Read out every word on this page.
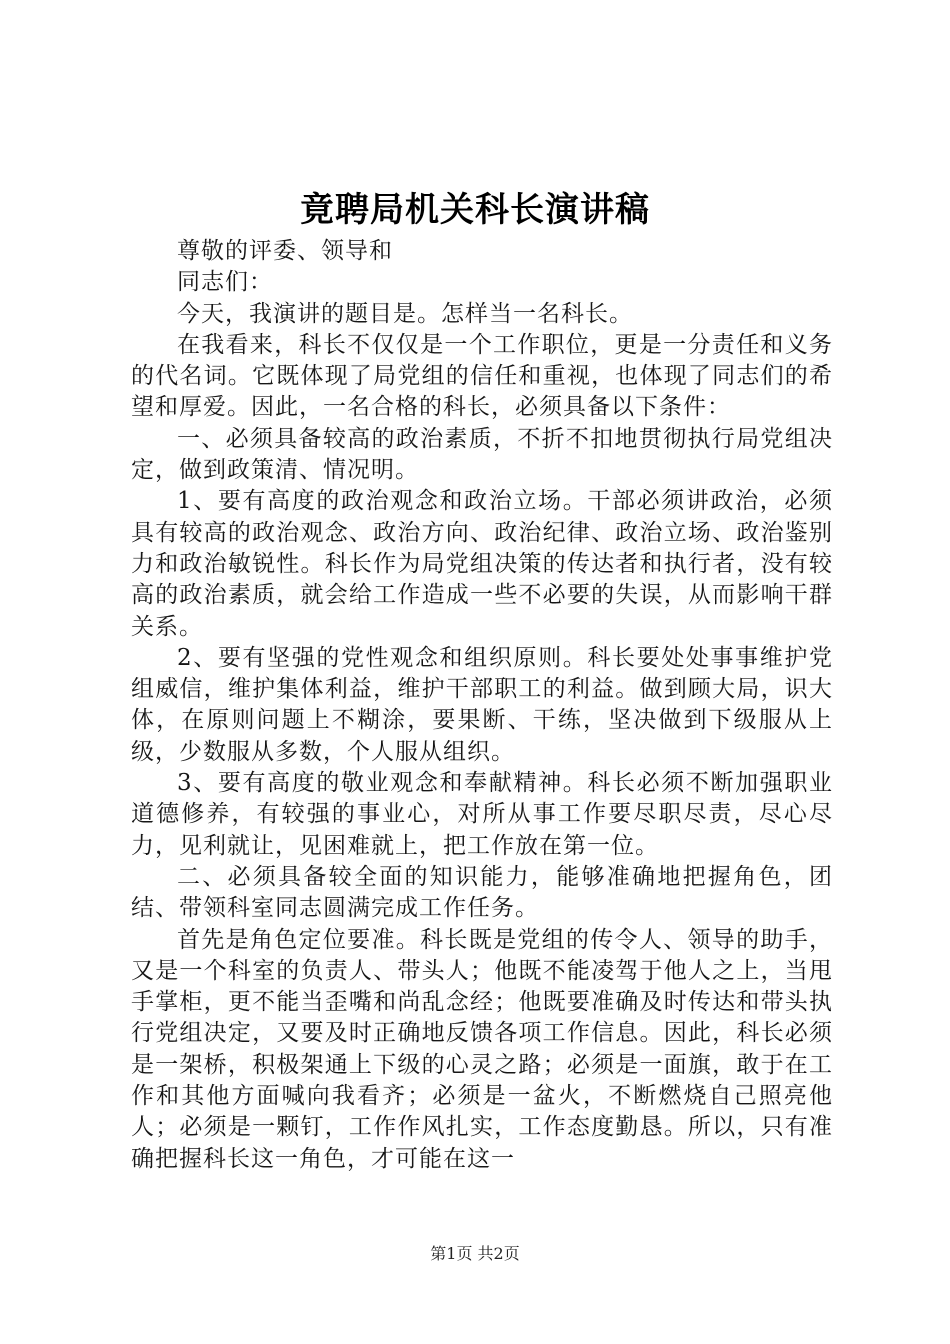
竟聘局机关科长演讲稿

尊敬的评委、领导和

同志们：

今天，我演讲的题目是。怎样当一名科长。

在我看来，科长不仅仅是一个工作职位，更是一分责任和义务的代名词。它既体现了局党组的信任和重视，也体现了同志们的希望和厚爱。因此，一名合格的科长，必须具备以下条件：

一、必须具备较高的政治素质，不折不扣地贯彻执行局党组决定，做到政策清、情况明。

1、要有高度的政治观念和政治立场。干部必须讲政治，必须具有较高的政治观念、政治方向、政治纪律、政治立场、政治鉴别力和政治敏锐性。科长作为局党组决策的传达者和执行者，没有较高的政治素质，就会给工作造成一些不必要的失误，从而影响干群关系。

2、要有坚强的党性观念和组织原则。科长要处处事事维护党组威信，维护集体利益，维护干部职工的利益。做到顾大局，识大体，在原则问题上不糊涂，要果断、干练，坚决做到下级服从上级，少数服从多数，个人服从组织。

3、要有高度的敬业观念和奉献精神。科长必须不断加强职业道德修养，有较强的事业心，对所从事工作要尽职尽责，尽心尽力，见利就让，见困难就上，把工作放在第一位。

二、必须具备较全面的知识能力，能够准确地把握角色，团结、带领科室同志圆满完成工作任务。

首先是角色定位要准。科长既是党组的传令人、领导的助手，又是一个科室的负责人、带头人；他既不能凌驾于他人之上，当甩手掌柜，更不能当歪嘴和尚乱念经；他既要准确及时传达和带头执行党组决定，又要及时正确地反馈各项工作信息。因此，科长必须是一架桥，积极架通上下级的心灵之路；必须是一面旗，敢于在工作和其他方面喊向我看齐；必须是一盆火，不断燃烧自己照亮他人；必须是一颗钉，工作作风扎实，工作态度勤恳。所以，只有准确把握科长这一角色，才可能在这一

第1页 共2页
